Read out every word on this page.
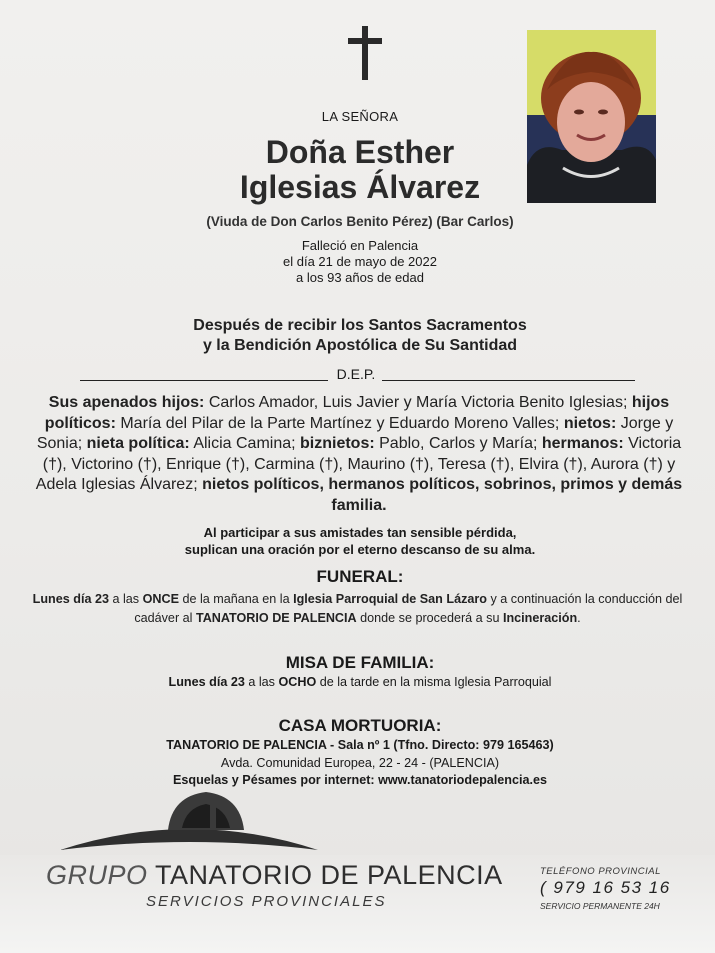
LA SEÑORA
Doña Esther
Iglesias Álvarez
(Viuda de Don Carlos Benito Pérez) (Bar Carlos)
Falleció en Palencia
el día 21 de mayo de 2022
a los 93 años de edad
Después de recibir los Santos Sacramentos
y la Bendición Apostólica de Su Santidad
D.E.P.
Sus apenados hijos: Carlos Amador, Luis Javier y María Victoria Benito Iglesias; hijos políticos: María del Pilar de la Parte Martínez y Eduardo Moreno Valles; nietos: Jorge y Sonia; nieta política: Alicia Camina; biznietos: Pablo, Carlos y María; hermanos: Victoria (†), Victorino (†), Enrique (†), Carmina (†), Maurino (†), Teresa (†), Elvira (†), Aurora (†) y Adela Iglesias Álvarez; nietos políticos, hermanos políticos, sobrinos, primos y demás familia.
Al participar a sus amistades tan sensible pérdida,
suplican una oración por el eterno descanso de su alma.
FUNERAL:
Lunes día 23 a las ONCE de la mañana en la Iglesia Parroquial de San Lázaro y a continuación la conducción del cadáver al TANATORIO DE PALENCIA donde se procederá a su Incineración.
MISA DE FAMILIA:
Lunes día 23 a las OCHO de la tarde en la misma Iglesia Parroquial
CASA MORTUORIA:
TANATORIO DE PALENCIA - Sala nº 1 (Tfno. Directo: 979 165463)
Avda. Comunidad Europea, 22 - 24 - (PALENCIA)
Esquelas y Pésames por internet: www.tanatoriodepalencia.es
GRUPO TANATORIO DE PALENCIA
SERVICIOS PROVINCIALES
TELÉFONO PROVINCIAL
( 979 16 53 16
SERVICIO PERMANENTE 24H
